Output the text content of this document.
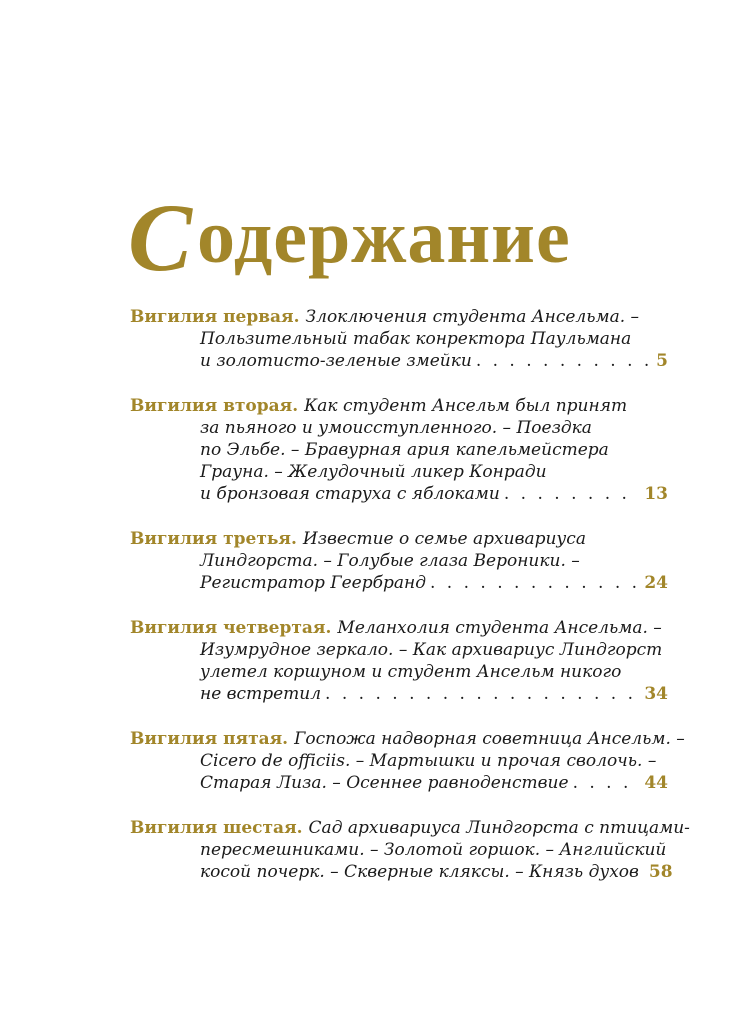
Содержание
Вигилия первая. Злоключения студента Ансельма. –
Пользительный табак конректора Паульмана
и золотисто-зеленые змейки . . .	5
Вигилия вторая. Как студент Ансельм был принят
за пьяного и умоисступленного. – Поездка
по Эльбе. – Бравурная ария капельмейстера
Грауна. – Желудочный ликер Конради
и бронзовая старуха с яблоками . . .	13
Вигилия третья. Известие о семье архивариуса
Линдгорста. – Голубые глаза Вероники. –
Регистратор Геербранд . . .	24
Вигилия четвертая. Меланхолия студента Ансельма. –
Изумрудное зеркало. – Как архивариус Линдгорст
улетел коршуном и студент Ансельм никого
не встретил . . .	34
Вигилия пятая. Госпожа надворная советница Ансельм. –
Cicero de officiis. – Мартышки и прочая сволочь. –
Старая Лиза. – Осеннее равноденствие . . .	44
Вигилия шестая. Сад архивариуса Линдгорста с птицами-
пересмешниками. – Золотой горшок. – Английский
косой почерк. – Скверные кляксы. – Князь духов 58
